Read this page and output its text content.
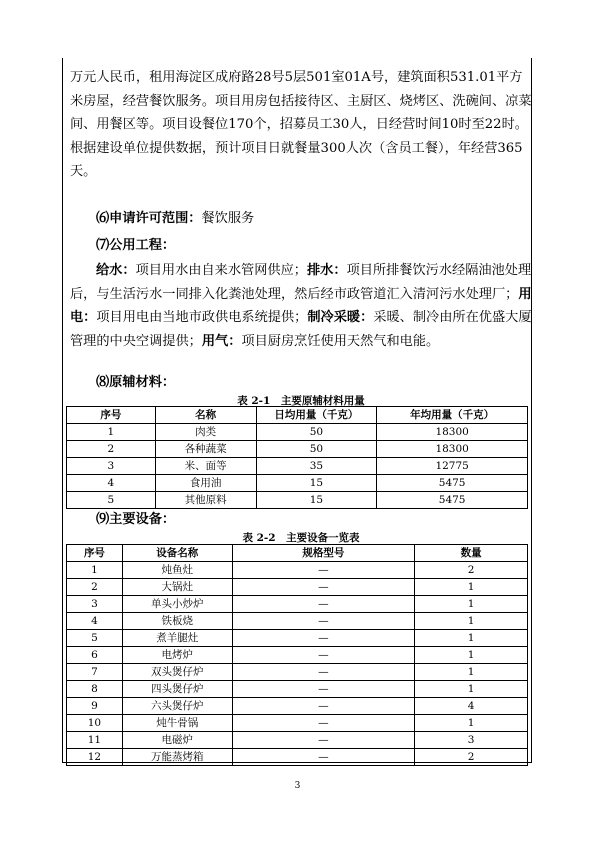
万元人民币，租用海淀区成府路28号5层501室01A号，建筑面积531.01平方米房屋，经营餐饮服务。项目用房包括接待区、主厨区、烧烤区、洗碗间、凉菜间、用餐区等。项目设餐位170个，招募员工30人，日经营时间10时至22时。根据建设单位提供数据，预计项目日就餐量300人次（含员工餐），年经营365天。

⑹申请许可范围：餐饮服务

⑺公用工程：

给水：项目用水由自来水管网供应；排水：项目所排餐饮污水经隔油池处理后，与生活污水一同排入化粪池处理，然后经市政管道汇入清河污水处理厂；用电：项目用电由当地市政供电系统提供；制冷采暖：采暖、制冷由所在优盛大厦管理的中央空调提供；用气：项目厨房烹饪使用天然气和电能。

⑻原辅材料：

表 2-1　主要原辅材料用量
序号	名称	日均用量（千克）	年均用量（千克）
1	肉类	50	18300
2	各种蔬菜	50	18300
3	米、面等	35	12775
4	食用油	15	5475
5	其他原料	15	5475

⑼主要设备：

表 2-2　主要设备一览表
序号	设备名称	规格型号	数量
1	炖鱼灶	—	2
2	大锅灶	—	1
3	单头小炒炉	—	1
4	铁板烧	—	1
5	煮羊腿灶	—	1
6	电烤炉	—	1
7	双头煲仔炉	—	1
8	四头煲仔炉	—	1
9	六头煲仔炉	—	4
10	炖牛骨锅	—	1
11	电磁炉	—	3
12	万能蒸烤箱	—	2
3
